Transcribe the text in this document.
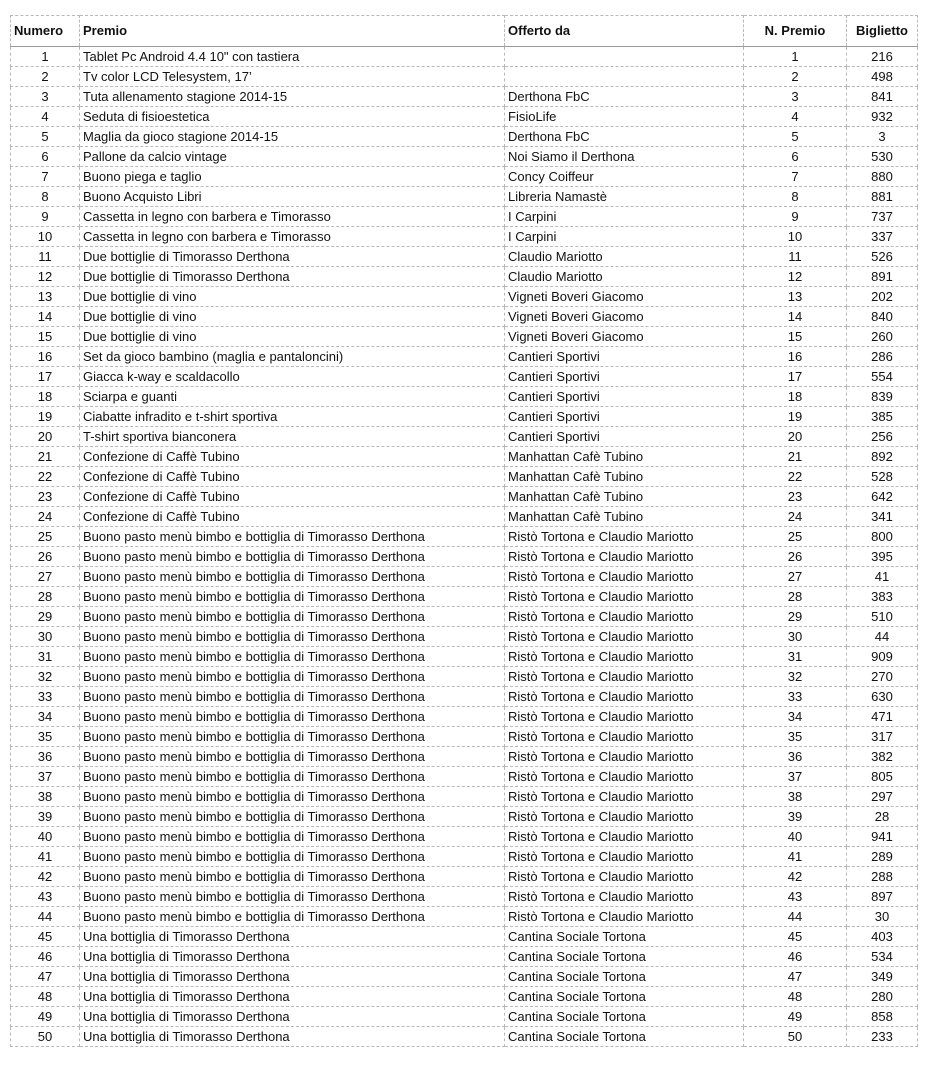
Numero	Premio	Offerto da	N. Premio	Biglietto
1	Tablet Pc Android 4.4 10" con tastiera		1	216
2	Tv color LCD Telesystem, 17’		2	498
3	Tuta allenamento stagione 2014-15	Derthona FbC	3	841
4	Seduta di fisioestetica	FisioLife	4	932
5	Maglia da gioco stagione 2014-15	Derthona FbC	5	3
6	Pallone da calcio vintage	Noi Siamo il Derthona	6	530
7	Buono piega e taglio	Concy Coiffeur	7	880
8	Buono Acquisto Libri	Libreria Namastè	8	881
9	Cassetta in legno con barbera e Timorasso	I Carpini	9	737
10	Cassetta in legno con barbera e Timorasso	I Carpini	10	337
11	Due bottiglie di Timorasso Derthona	Claudio Mariotto	11	526
12	Due bottiglie di Timorasso Derthona	Claudio Mariotto	12	891
13	Due bottiglie di vino	Vigneti Boveri Giacomo	13	202
14	Due bottiglie di vino	Vigneti Boveri Giacomo	14	840
15	Due bottiglie di vino	Vigneti Boveri Giacomo	15	260
16	Set da gioco bambino (maglia e pantaloncini)	Cantieri Sportivi	16	286
17	Giacca k-way e scaldacollo	Cantieri Sportivi	17	554
18	Sciarpa e guanti	Cantieri Sportivi	18	839
19	Ciabatte infradito e t-shirt sportiva	Cantieri Sportivi	19	385
20	T-shirt sportiva bianconera	Cantieri Sportivi	20	256
21	Confezione di Caffè Tubino	Manhattan Cafè Tubino	21	892
22	Confezione di Caffè Tubino	Manhattan Cafè Tubino	22	528
23	Confezione di Caffè Tubino	Manhattan Cafè Tubino	23	642
24	Confezione di Caffè Tubino	Manhattan Cafè Tubino	24	341
25	Buono pasto menù bimbo e bottiglia di Timorasso Derthona	Ristò Tortona e Claudio Mariotto	25	800
26	Buono pasto menù bimbo e bottiglia di Timorasso Derthona	Ristò Tortona e Claudio Mariotto	26	395
27	Buono pasto menù bimbo e bottiglia di Timorasso Derthona	Ristò Tortona e Claudio Mariotto	27	41
28	Buono pasto menù bimbo e bottiglia di Timorasso Derthona	Ristò Tortona e Claudio Mariotto	28	383
29	Buono pasto menù bimbo e bottiglia di Timorasso Derthona	Ristò Tortona e Claudio Mariotto	29	510
30	Buono pasto menù bimbo e bottiglia di Timorasso Derthona	Ristò Tortona e Claudio Mariotto	30	44
31	Buono pasto menù bimbo e bottiglia di Timorasso Derthona	Ristò Tortona e Claudio Mariotto	31	909
32	Buono pasto menù bimbo e bottiglia di Timorasso Derthona	Ristò Tortona e Claudio Mariotto	32	270
33	Buono pasto menù bimbo e bottiglia di Timorasso Derthona	Ristò Tortona e Claudio Mariotto	33	630
34	Buono pasto menù bimbo e bottiglia di Timorasso Derthona	Ristò Tortona e Claudio Mariotto	34	471
35	Buono pasto menù bimbo e bottiglia di Timorasso Derthona	Ristò Tortona e Claudio Mariotto	35	317
36	Buono pasto menù bimbo e bottiglia di Timorasso Derthona	Ristò Tortona e Claudio Mariotto	36	382
37	Buono pasto menù bimbo e bottiglia di Timorasso Derthona	Ristò Tortona e Claudio Mariotto	37	805
38	Buono pasto menù bimbo e bottiglia di Timorasso Derthona	Ristò Tortona e Claudio Mariotto	38	297
39	Buono pasto menù bimbo e bottiglia di Timorasso Derthona	Ristò Tortona e Claudio Mariotto	39	28
40	Buono pasto menù bimbo e bottiglia di Timorasso Derthona	Ristò Tortona e Claudio Mariotto	40	941
41	Buono pasto menù bimbo e bottiglia di Timorasso Derthona	Ristò Tortona e Claudio Mariotto	41	289
42	Buono pasto menù bimbo e bottiglia di Timorasso Derthona	Ristò Tortona e Claudio Mariotto	42	288
43	Buono pasto menù bimbo e bottiglia di Timorasso Derthona	Ristò Tortona e Claudio Mariotto	43	897
44	Buono pasto menù bimbo e bottiglia di Timorasso Derthona	Ristò Tortona e Claudio Mariotto	44	30
45	Una bottiglia di Timorasso Derthona	Cantina Sociale Tortona	45	403
46	Una bottiglia di Timorasso Derthona	Cantina Sociale Tortona	46	534
47	Una bottiglia di Timorasso Derthona	Cantina Sociale Tortona	47	349
48	Una bottiglia di Timorasso Derthona	Cantina Sociale Tortona	48	280
49	Una bottiglia di Timorasso Derthona	Cantina Sociale Tortona	49	858
50	Una bottiglia di Timorasso Derthona	Cantina Sociale Tortona	50	233
